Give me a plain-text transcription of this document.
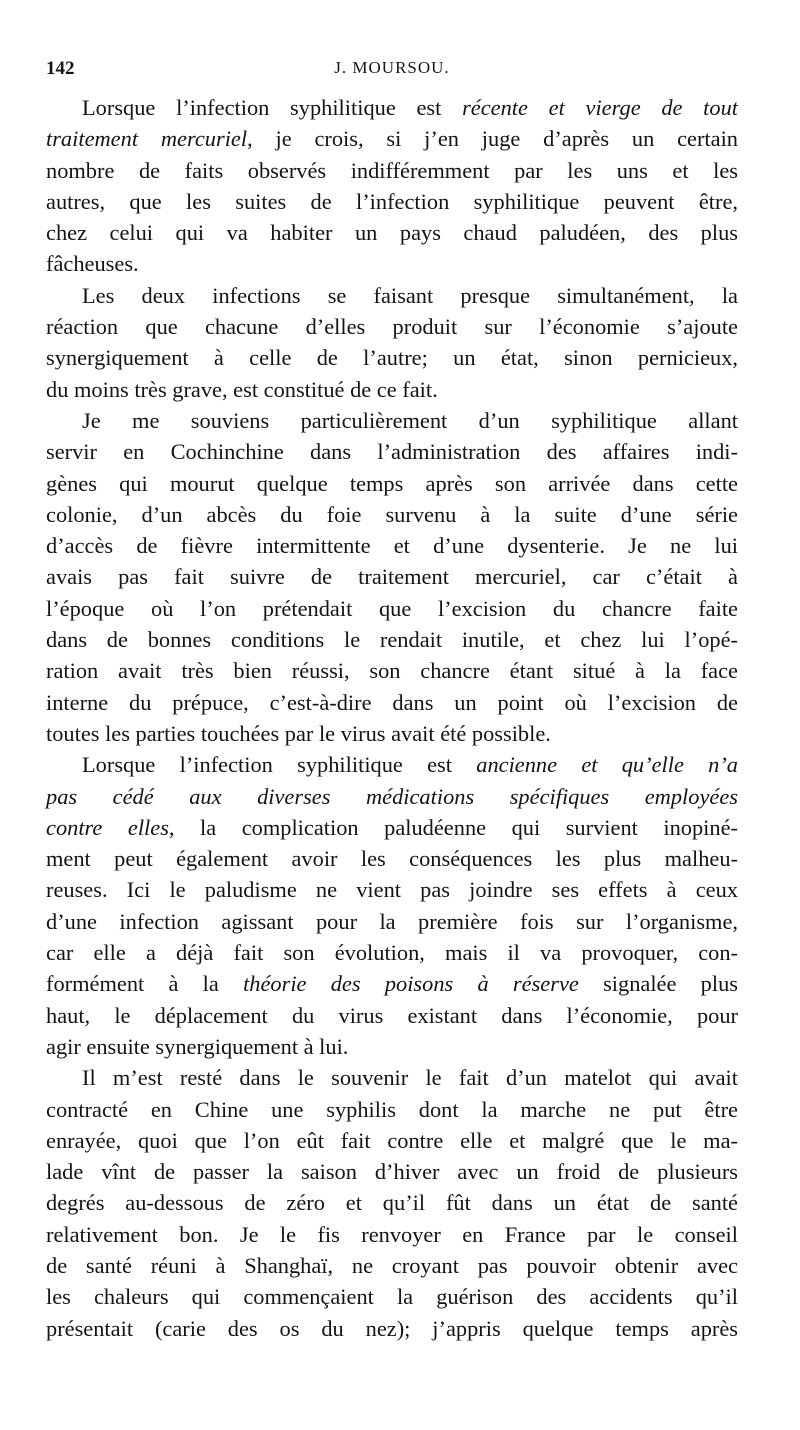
142	J. MOURSOU.
Lorsque l’infection syphilitique est récente et vierge de tout
traitement mercuriel, je crois, si j’en juge d’après un certain
nombre de faits observés indifféremment par les uns et les
autres, que les suites de l’infection syphilitique peuvent être,
chez celui qui va habiter un pays chaud paludéen, des plus
fâcheuses.
Les deux infections se faisant presque simultanément, la
réaction que chacune d’elles produit sur l’économie s’ajoute
synergiquement à celle de l’autre; un état, sinon pernicieux,
du moins très grave, est constitué de ce fait.
Je me souviens particulièrement d’un syphilitique allant
servir en Cochinchine dans l’administration des affaires indi-
gènes qui mourut quelque temps après son arrivée dans cette
colonie, d’un abcès du foie survenu à la suite d’une série
d’accès de fièvre intermittente et d’une dysenterie. Je ne lui
avais pas fait suivre de traitement mercuriel, car c’était à
l’époque où l’on prétendait que l’excision du chancre faite
dans de bonnes conditions le rendait inutile, et chez lui l’opé-
ration avait très bien réussi, son chancre étant situé à la face
interne du prépuce, c’est-à-dire dans un point où l’excision de
toutes les parties touchées par le virus avait été possible.
Lorsque l’infection syphilitique est ancienne et qu’elle n’a
pas cédé aux diverses médications spécifiques employées
contre elles, la complication paludéenne qui survient inopiné-
ment peut également avoir les conséquences les plus malheu-
reuses. Ici le paludisme ne vient pas joindre ses effets à ceux
d’une infection agissant pour la première fois sur l’organisme,
car elle a déjà fait son évolution, mais il va provoquer, con-
formément à la théorie des poisons à réserve signalée plus
haut, le déplacement du virus existant dans l’économie, pour
agir ensuite synergiquement à lui.
Il m’est resté dans le souvenir le fait d’un matelot qui avait
contracté en Chine une syphilis dont la marche ne put être
enrayée, quoi que l’on eût fait contre elle et malgré que le ma-
lade vînt de passer la saison d’hiver avec un froid de plusieurs
degrés au-dessous de zéro et qu’il fût dans un état de santé
relativement bon. Je le fis renvoyer en France par le conseil
de santé réuni à Shanghaï, ne croyant pas pouvoir obtenir avec
les chaleurs qui commençaient la guérison des accidents qu’il
présentait (carie des os du nez); j’appris quelque temps après
